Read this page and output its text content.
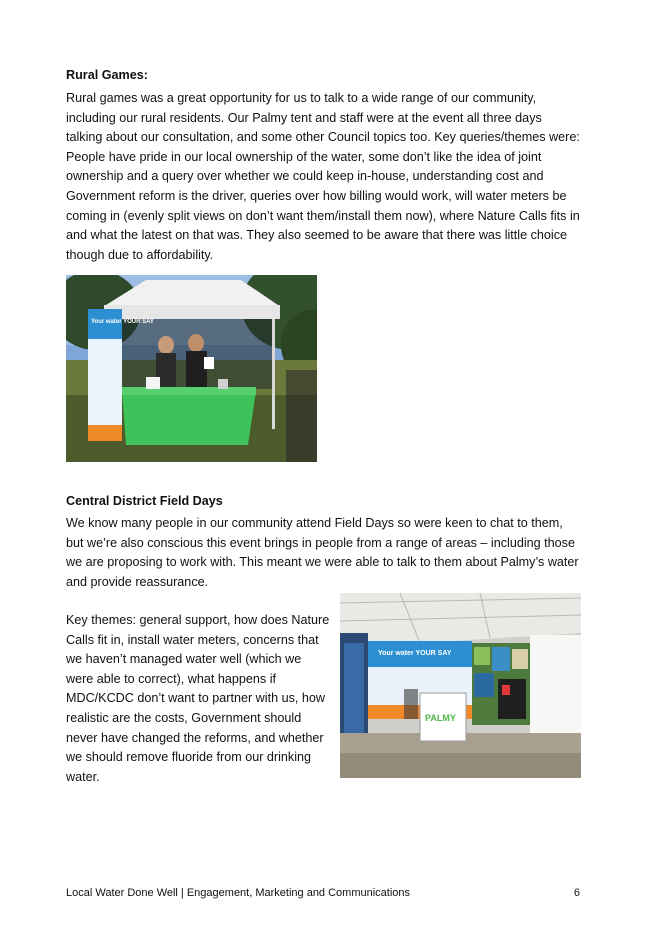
Rural Games:

Rural games was a great opportunity for us to talk to a wide range of our community, including our rural residents. Our Palmy tent and staff were at the event all three days talking about our consultation, and some other Council topics too. Key queries/themes were: People have pride in our local ownership of the water, some don’t like the idea of joint ownership and a query over whether we could keep in-house, understanding cost and Government reform is the driver, queries over how billing would work, will water meters be coming in (evenly split views on don’t want them/install them now), where Nature Calls fits in and what the latest on that was. They also seemed to be aware that there was little choice though due to affordability.

Your water YOUR SAY
Central District Field Days

We know many people in our community attend Field Days so were keen to chat to them, but we’re also conscious this event brings in people from a range of areas – including those we are proposing to work with. This meant we were able to talk to them about Palmy’s water and provide reassurance.

Key themes: general support, how does Nature Calls fit in, install water meters, concerns that we haven’t managed water well (which we were able to correct), what happens if MDC/KCDC don’t want to partner with us, how realistic are the costs, Government should never have changed the reforms, and whether we should remove fluoride from our drinking water.

Your water YOUR SAY
PALMY
Local Water Done Well | Engagement, Marketing and Communications	6
